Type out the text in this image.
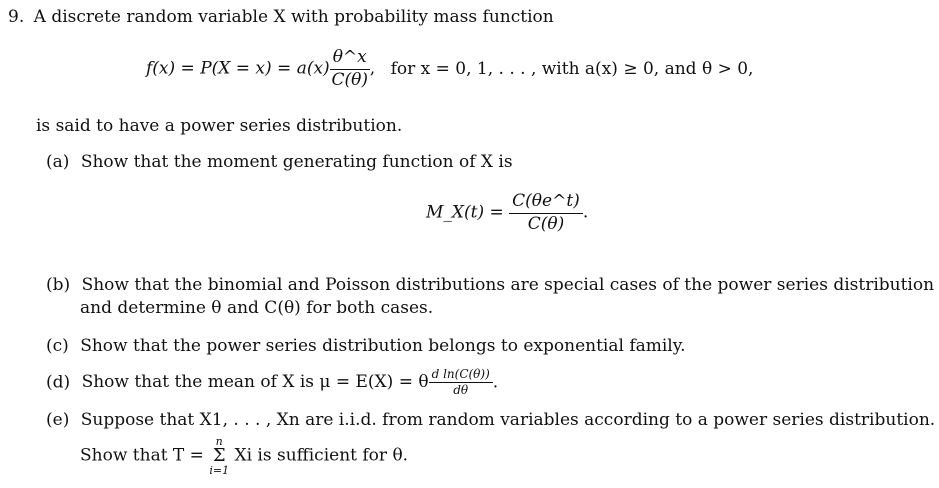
9. A discrete random variable X with probability mass function
$f(x) = P(X = x) = a(x) \frac{\theta\^{}x}{C(\theta)}$ , for x = 0, 1, . . . , with a(x) ≥ 0, and θ > 0,
is said to have a power series distribution.
(a) Show that the moment generating function of X is
M_X(t) = $\frac{C(\theta e\^{}t)}{C(\theta)}$ .
(b) Show that the binomial and Poisson distributions are special cases of the power series distribution
and determine θ and C(θ) for both cases.
(c) Show that the power series distribution belongs to exponential family.
(d) Show that the mean of X is μ = E(X) = θ $\frac{\text{d ln(C(θ))}}{d\theta}$ .
(e) Suppose that X1, . . . , Xn are i.i.d. from random variables according to a power series distribution.
Show that T =
n
Σ
i=1
Xi is sufficient for θ.
